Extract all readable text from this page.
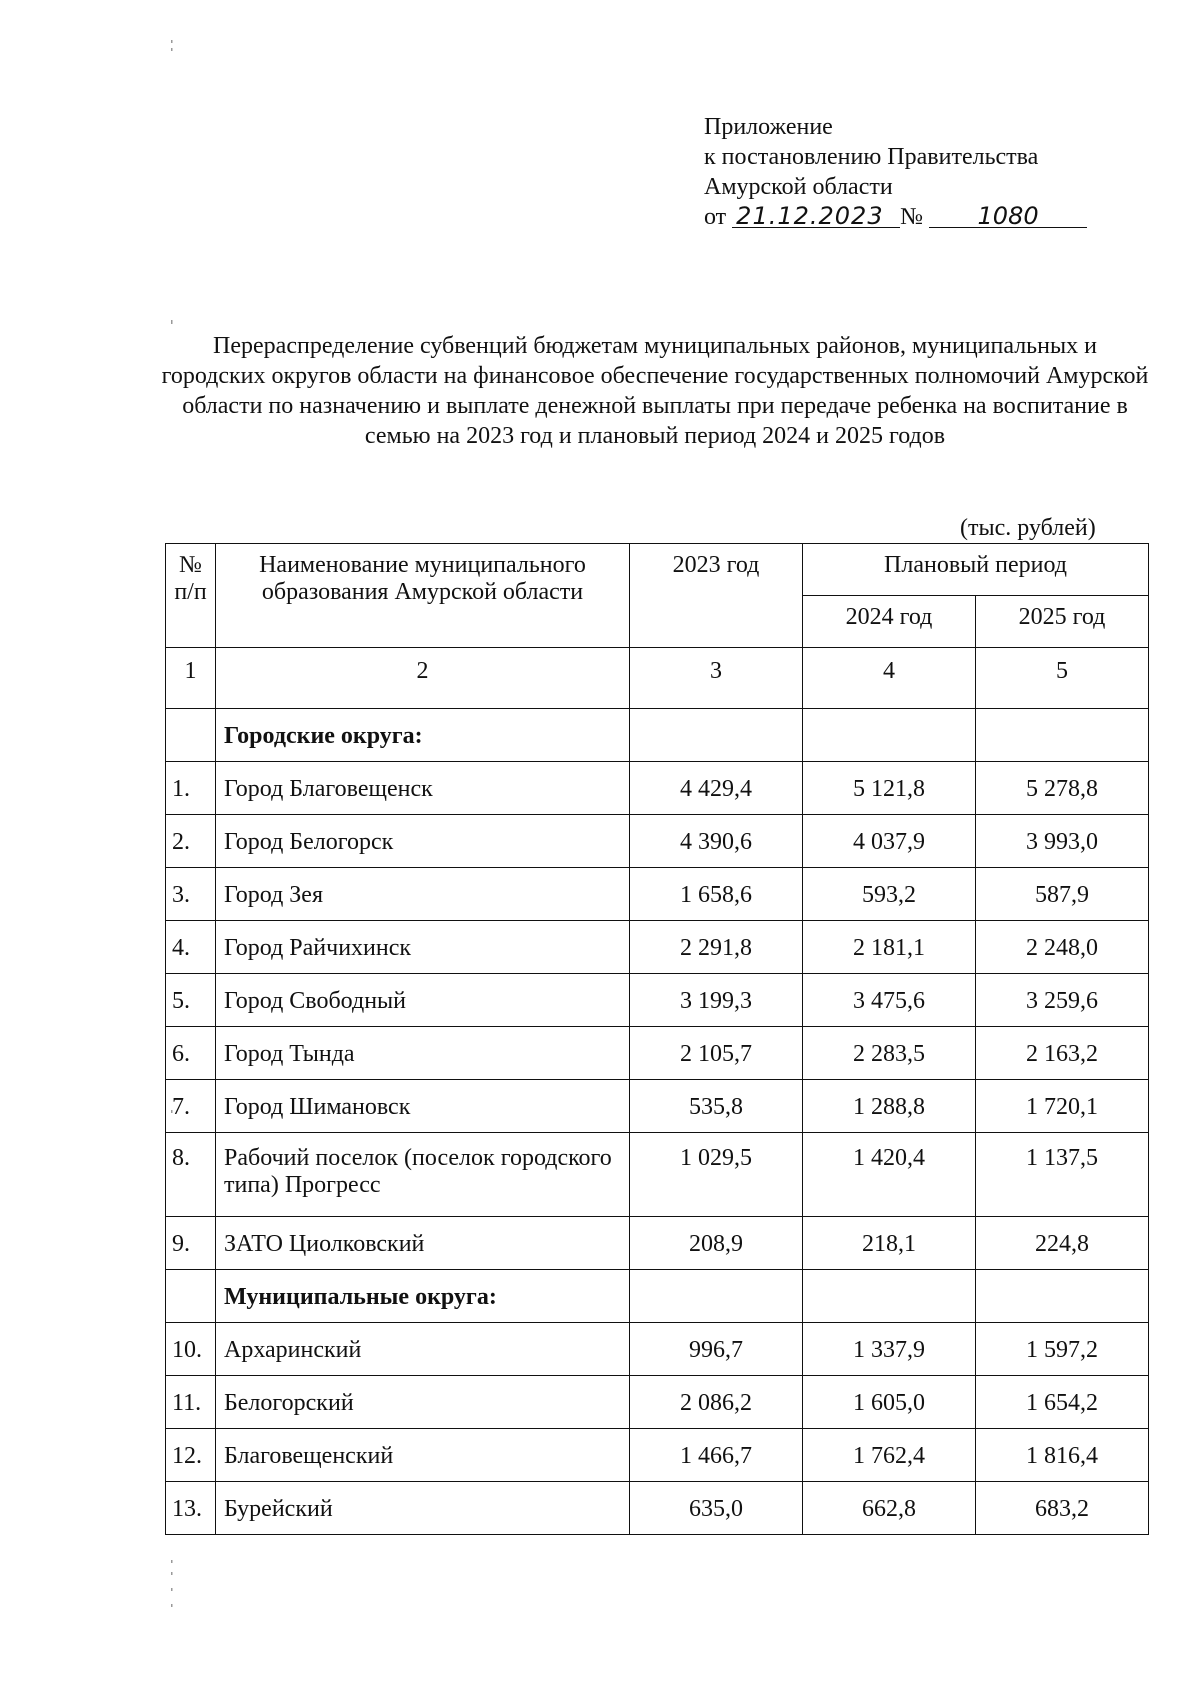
Приложение
к постановлению Правительства
Амурской области
от 21.12.2023 № 1080
Перераспределение субвенций бюджетам муниципальных районов, муниципальных и городских округов области на финансовое обеспечение государственных полномочий Амурской области по назначению и выплате денежной выплаты при передаче ребенка на воспитание в семью на 2023 год и плановый период 2024 и 2025 годов
(тыс. рублей)
№ п/п	Наименование муниципального образования Амурской области	2023 год	Плановый период	
			2024 год	2025 год
1	2	3	4	5
	Городские округа:			
1.	Город Благовещенск	4 429,4	5 121,8	5 278,8
2.	Город Белогорск	4 390,6	4 037,9	3 993,0
3.	Город Зея	1 658,6	593,2	587,9
4.	Город Райчихинск	2 291,8	2 181,1	2 248,0
5.	Город Свободный	3 199,3	3 475,6	3 259,6
6.	Город Тында	2 105,7	2 283,5	2 163,2
7.	Город Шимановск	535,8	1 288,8	1 720,1
8.	Рабочий поселок (поселок городского типа) Прогресс	1 029,5	1 420,4	1 137,5
9.	ЗАТО Циолковский	208,9	218,1	224,8
	Муниципальные округа:			
10.	Архаринский	996,7	1 337,9	1 597,2
11.	Белогорский	2 086,2	1 605,0	1 654,2
12.	Благовещенский	1 466,7	1 762,4	1 816,4
13.	Бурейский	635,0	662,8	683,2
